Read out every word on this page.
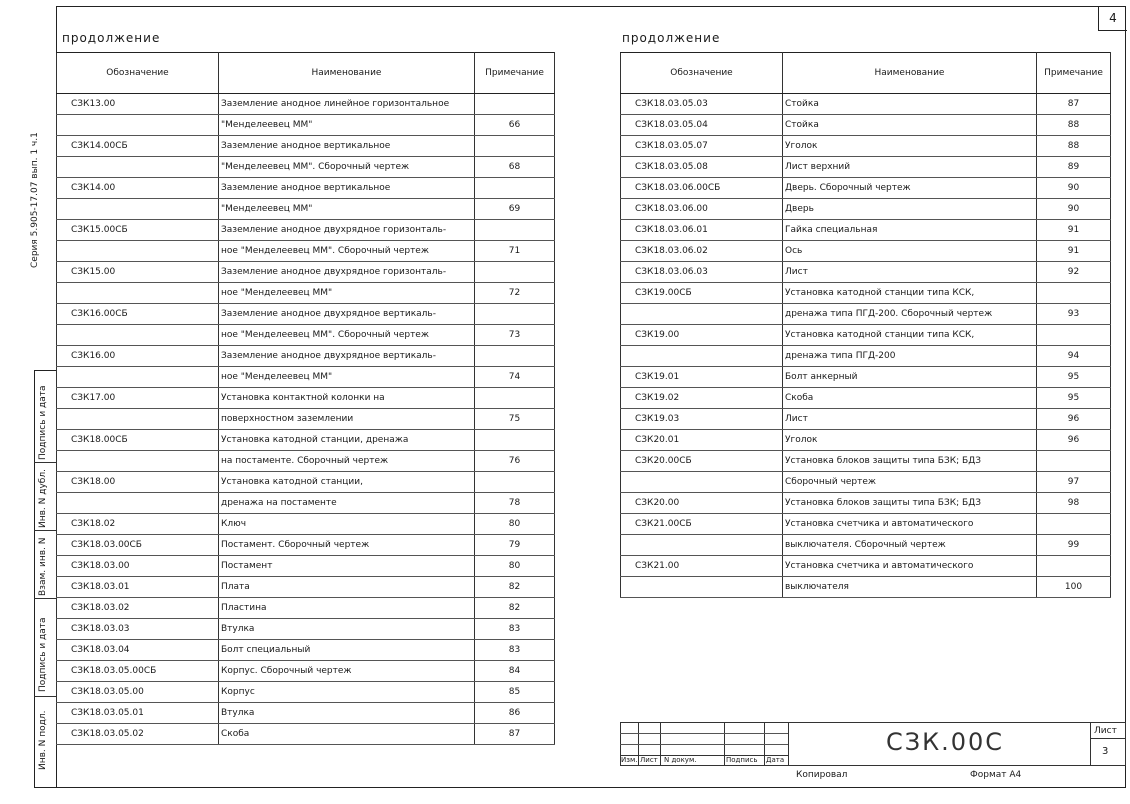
4
Серия 5.905-17.07 вып. 1 ч.1
Подпись и дата
Инв. N дубл.
Взам. инв. N
Подпись и дата
Инв. N подл.
продолжение
Обозначение	Наименование	Примечание
СЗК13.00	Заземление анодное линейное горизонтальное	
	"Менделеевец ММ"	66
СЗК14.00СБ	Заземление анодное вертикальное	
	"Менделеевец ММ". Сборочный чертеж	68
СЗК14.00	Заземление анодное вертикальное	
	"Менделеевец ММ"	69
СЗК15.00СБ	Заземление анодное двухрядное горизонталь-	
	ное "Менделеевец ММ". Сборочный чертеж	71
СЗК15.00	Заземление анодное двухрядное горизонталь-	
	ное "Менделеевец ММ"	72
СЗК16.00СБ	Заземление анодное двухрядное вертикаль-	
	ное "Менделеевец ММ". Сборочный чертеж	73
СЗК16.00	Заземление анодное двухрядное вертикаль-	
	ное "Менделеевец ММ"	74
СЗК17.00	Установка контактной колонки на	
	поверхностном заземлении	75
СЗК18.00СБ	Установка катодной станции, дренажа	
	на постаменте. Сборочный чертеж	76
СЗК18.00	Установка катодной станции,	
	дренажа на постаменте	78
СЗК18.02	Ключ	80
СЗК18.03.00СБ	Постамент. Сборочный чертеж	79
СЗК18.03.00	Постамент	80
СЗК18.03.01	Плата	82
СЗК18.03.02	Пластина	82
СЗК18.03.03	Втулка	83
СЗК18.03.04	Болт специальный	83
СЗК18.03.05.00СБ	Корпус. Сборочный чертеж	84
СЗК18.03.05.00	Корпус	85
СЗК18.03.05.01	Втулка	86
СЗК18.03.05.02	Скоба	87
продолжение
Обозначение	Наименование	Примечание
СЗК18.03.05.03	Стойка	87
СЗК18.03.05.04	Стойка	88
СЗК18.03.05.07	Уголок	88
СЗК18.03.05.08	Лист верхний	89
СЗК18.03.06.00СБ	Дверь. Сборочный чертеж	90
СЗК18.03.06.00	Дверь	90
СЗК18.03.06.01	Гайка специальная	91
СЗК18.03.06.02	Ось	91
СЗК18.03.06.03	Лист	92
СЗК19.00СБ	Установка катодной станции типа КСК,	
	дренажа типа ПГД-200. Сборочный чертеж	93
СЗК19.00	Установка катодной станции типа КСК,	
	дренажа типа ПГД-200	94
СЗК19.01	Болт анкерный	95
СЗК19.02	Скоба	95
СЗК19.03	Лист	96
СЗК20.01	Уголок	96
СЗК20.00СБ	Установка блоков защиты типа БЗК; БДЗ	
	Сборочный чертеж	97
СЗК20.00	Установка блоков защиты типа БЗК; БДЗ	98
СЗК21.00СБ	Установка счетчика и автоматического	
	выключателя. Сборочный чертеж	99
СЗК21.00	Установка счетчика и автоматического	
	выключателя	100
Изм. Лист N докум.	Подпись Дата
СЗК.00С	Лист
3
Копировал	Формат А4
